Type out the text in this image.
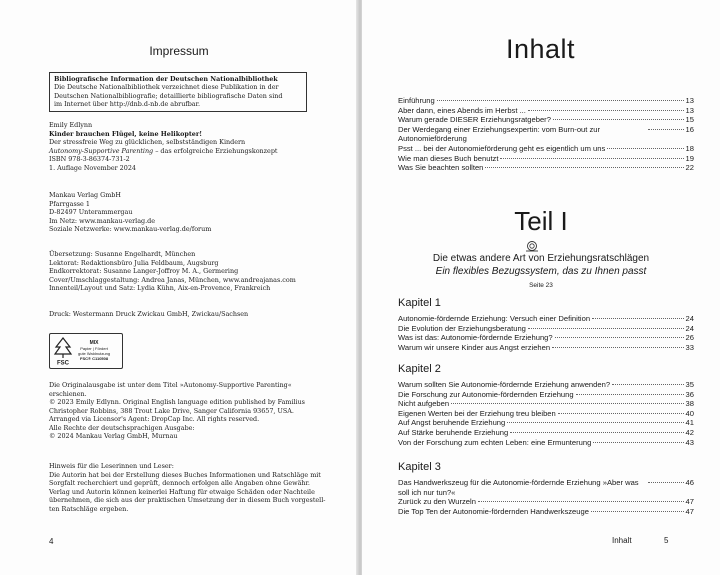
Impressum
Bibliografische Information der Deutschen Nationalbibliothek
Die Deutsche Nationalbibliothek verzeichnet diese Publikation in der
Deutschen Nationalbibliografie; detaillierte bibliografische Daten sind
im Internet über http://dnb.d-nb.de abrufbar.
Emily Edlynn
Kinder brauchen Flügel, keine Helikopter!
Der stressfreie Weg zu glücklichen, selbstständigen Kindern
Autonomy-Supportive Parenting – das erfolgreiche Erziehungskonzept
ISBN 978-3-86374-731-2
1. Auflage November 2024
Mankau Verlag GmbH
Pfarrgasse 1
D-82497 Unterammergau
Im Netz: www.mankau-verlag.de
Soziale Netzwerke: www.mankau-verlag.de/forum
Übersetzung: Susanne Engelhardt, München
Lektorat: Redaktionsbüro Julia Feldbaum, Augsburg
Endkorrektorat: Susanne Langer-Joffroy M. A., Germering
Cover/Umschlaggestaltung: Andrea Janas, München, www.andreajanas.com
Innenteil/Layout und Satz: Lydia Kühn, Aix-en-Provence, Frankreich
Druck: Westermann Druck Zwickau GmbH, Zwickau/Sachsen
FSC
MIX
Papier | Fördert
gute Waldnutzung
FSC® C110508
Die Originalausgabe ist unter dem Titel »Autonomy-Supportive Parenting«
erschienen.
© 2023 Emily Edlynn. Original English language edition published by Familius
Christopher Robbins, 388 Trout Lake Drive, Sanger California 93657, USA.
Arranged via Licensor's Agent: DropCap Inc. All rights reserved.
Alle Rechte der deutschsprachigen Ausgabe:
© 2024 Mankau Verlag GmbH, Murnau
Hinweis für die Leserinnen und Leser:
Die Autorin hat bei der Erstellung dieses Buches Informationen und Ratschläge mit
Sorgfalt recherchiert und geprüft, dennoch erfolgen alle Angaben ohne Gewähr.
Verlag und Autorin können keinerlei Haftung für etwaige Schäden oder Nachteile
übernehmen, die sich aus der praktischen Umsetzung der in diesem Buch vorgestell-
ten Ratschläge ergeben.
4
Inhalt
Einführung	13
Aber dann, eines Abends im Herbst ...	13
Warum gerade DIESER Erziehungsratgeber?	15
Der Werdegang einer Erziehungsexpertin: vom Burn-out zur Autonomieförderung
16
Psst ... bei der Autonomieförderung geht es eigentlich um uns	18
Wie man dieses Buch benutzt	19
Was Sie beachten sollten	22
Teil I
Die etwas andere Art von Erziehungsratschlägen
Ein flexibles Bezugssystem, das zu Ihnen passt
Seite 23
Kapitel 1
Autonomie-fördernde Erziehung: Versuch einer Definition	24
Die Evolution der Erziehungsberatung	24
Was ist das: Autonomie-fördernde Erziehung?	26
Warum wir unsere Kinder aus Angst erziehen	33
Kapitel 2
Warum sollten Sie Autonomie-fördernde Erziehung anwenden?	35
Die Forschung zur Autonomie-fördernden Erziehung	36
Nicht aufgeben	38
Eigenen Werten bei der Erziehung treu bleiben	40
Auf Angst beruhende Erziehung	41
Auf Stärke beruhende Erziehung	42
Von der Forschung zum echten Leben: eine Ermunterung	43
Kapitel 3
Das Handwerkszeug für die Autonomie-fördernde Erziehung »Aber was soll ich nur tun?«
46
Zurück zu den Wurzeln	47
Die Top Ten der Autonomie-fördernden Handwerkszeuge	47
Inhalt	5
